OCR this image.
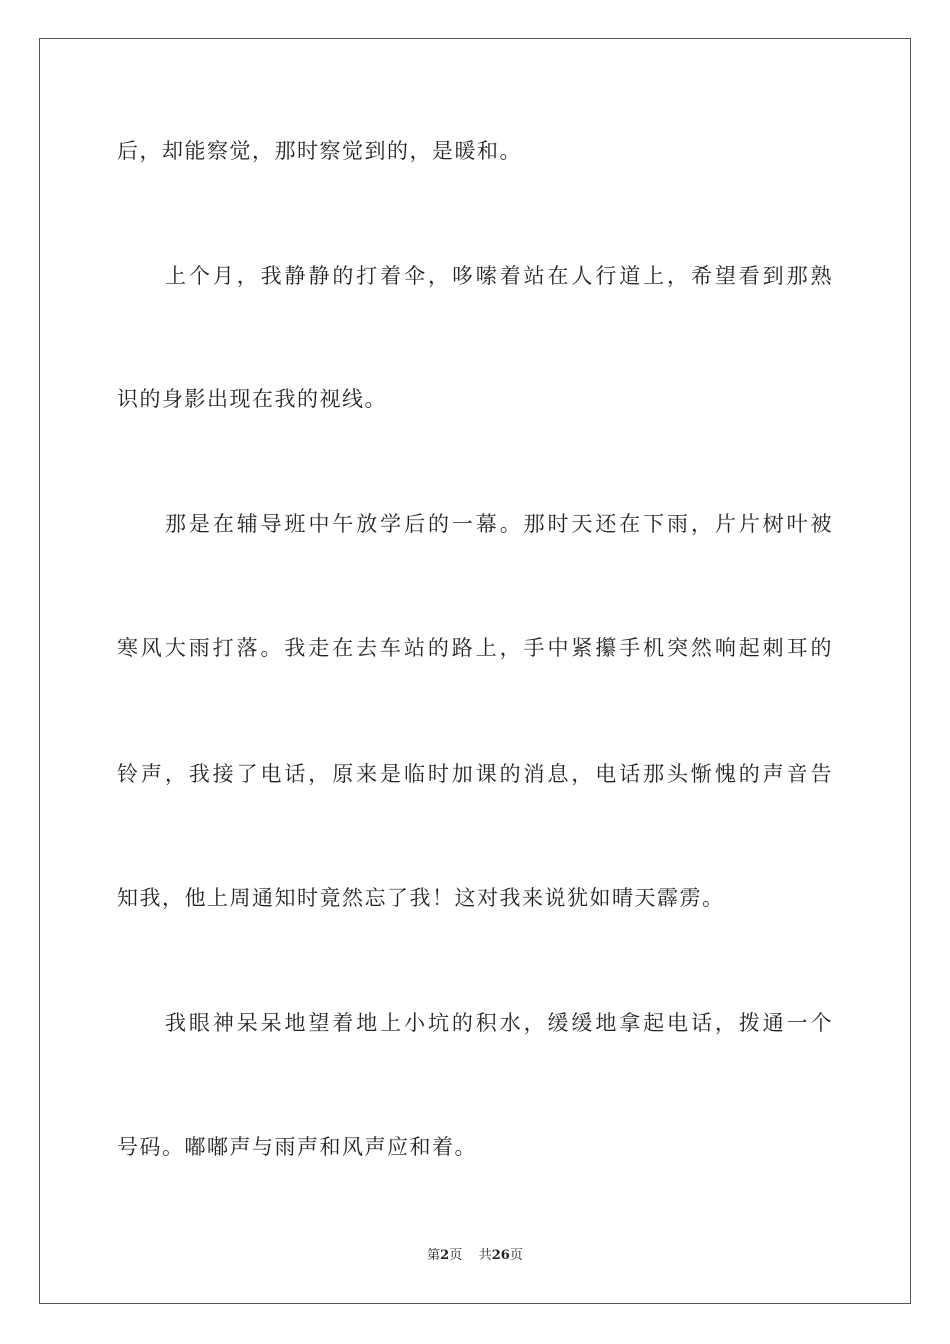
后，却能察觉，那时察觉到的，是暖和。
上个月，我静静的打着伞，哆嗦着站在人行道上，希望看到那熟
识的身影出现在我的视线。
那是在辅导班中午放学后的一幕。那时天还在下雨，片片树叶被
寒风大雨打落。我走在去车站的路上，手中紧攥手机突然响起刺耳的
铃声，我接了电话，原来是临时加课的消息，电话那头惭愧的声音告
知我，他上周通知时竟然忘了我！这对我来说犹如晴天霹雳。
我眼神呆呆地望着地上小坑的积水，缓缓地拿起电话，拨通一个
号码。嘟嘟声与雨声和风声应和着。
第2页 共26页
